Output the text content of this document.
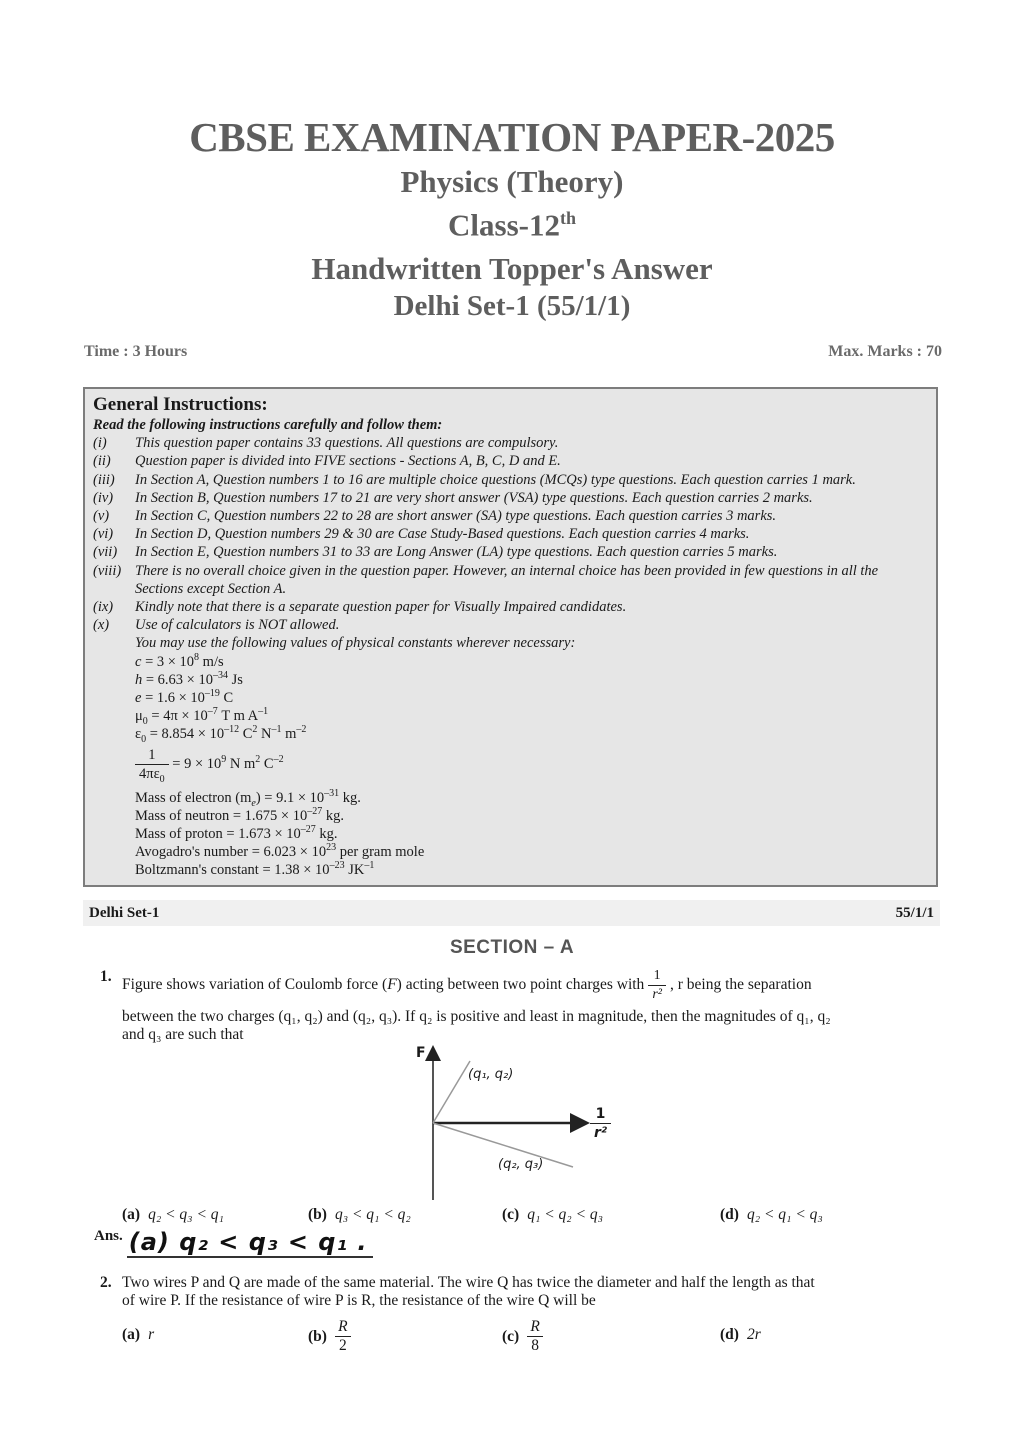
CBSE EXAMINATION PAPER-2025
Physics (Theory)
Class-12th
Handwritten Topper's Answer
Delhi Set-1 (55/1/1)
Time : 3 Hours	Max. Marks : 70
General Instructions:
Read the following instructions carefully and follow them:
(i)	This question paper contains 33 questions. All questions are compulsory.
(ii)	Question paper is divided into FIVE sections - Sections A, B, C, D and E.
(iii)	In Section A, Question numbers 1 to 16 are multiple choice questions (MCQs) type questions. Each question carries 1 mark.
(iv)	In Section B, Question numbers 17 to 21 are very short answer (VSA) type questions. Each question carries 2 marks.
(v)	In Section C, Question numbers 22 to 28 are short answer (SA) type questions. Each question carries 3 marks.
(vi)	In Section D, Question numbers 29 & 30 are Case Study-Based questions. Each question carries 4 marks.
(vii)	In Section E, Question numbers 31 to 33 are Long Answer (LA) type questions. Each question carries 5 marks.
(viii) There is no overall choice given in the question paper. However, an internal choice has been provided in few questions in all the Sections except Section A.
(ix)	Kindly note that there is a separate question paper for Visually Impaired candidates.
(x)	Use of calculators is NOT allowed.
You may use the following values of physical constants wherever necessary:
$c = 3 \times 10^8$ m/s
$h = 6.63 \times 10^{-34}$ Js
$e = 1.6 \times 10^{-19}$ C
$\mu_0 = 4\pi \times 10^{-7}$ T m $A^{-1}$
$\varepsilon_0 = 8.854 \times 10^{-12}$ $C^2$ $N^{-1}$ $m^{-2}$
$\frac{1}{4\pi\varepsilon_0} = 9 \times 10^9$ N $m^2$ $C^{-2}$
Mass of electron $(m_e) = 9.1 \times 10^{-31}$ kg.
Mass of neutron = $1.675 \times 10^{-27}$ kg.
Mass of proton = $1.673 \times 10^{-27}$ kg.
Avogadro's number = $6.023 \times 10^{23}$ per gram mole
Boltzmann's constant = $1.38 \times 10^{-23}$ $JK^{-1}$
Delhi Set-1	55/1/1
SECTION – A
1. Figure shows variation of Coulomb force ( F ) acting between two point charges with $\frac{1}{\text{r²}}$ , r being the separation
between the two charges (q₁, q₂) and (q₂, q₃). If q₂ is positive and least in magnitude, then the magnitudes of q₁, q₂
and q₃ are such that
F
(q₁, q₂)
(q₂, q₃)
$\frac{1}{\text{r²}}$
(a) q₂ < q₃ < q₁	(b) q₃ < q₁ < q₂	(c) q₁ < q₂ < q₃	(d) q₂ < q₁ < q₃
Ans. (a) q₂ < q₃ < q₁ .
2. Two wires P and Q are made of the same material. The wire Q has twice the diameter and half the length as that
of wire P. If the resistance of wire P is R, the resistance of the wire Q will be
(a) r	$(b) \frac{R}{2}$	$(c) \frac{R}{8}$	(d) 2r
